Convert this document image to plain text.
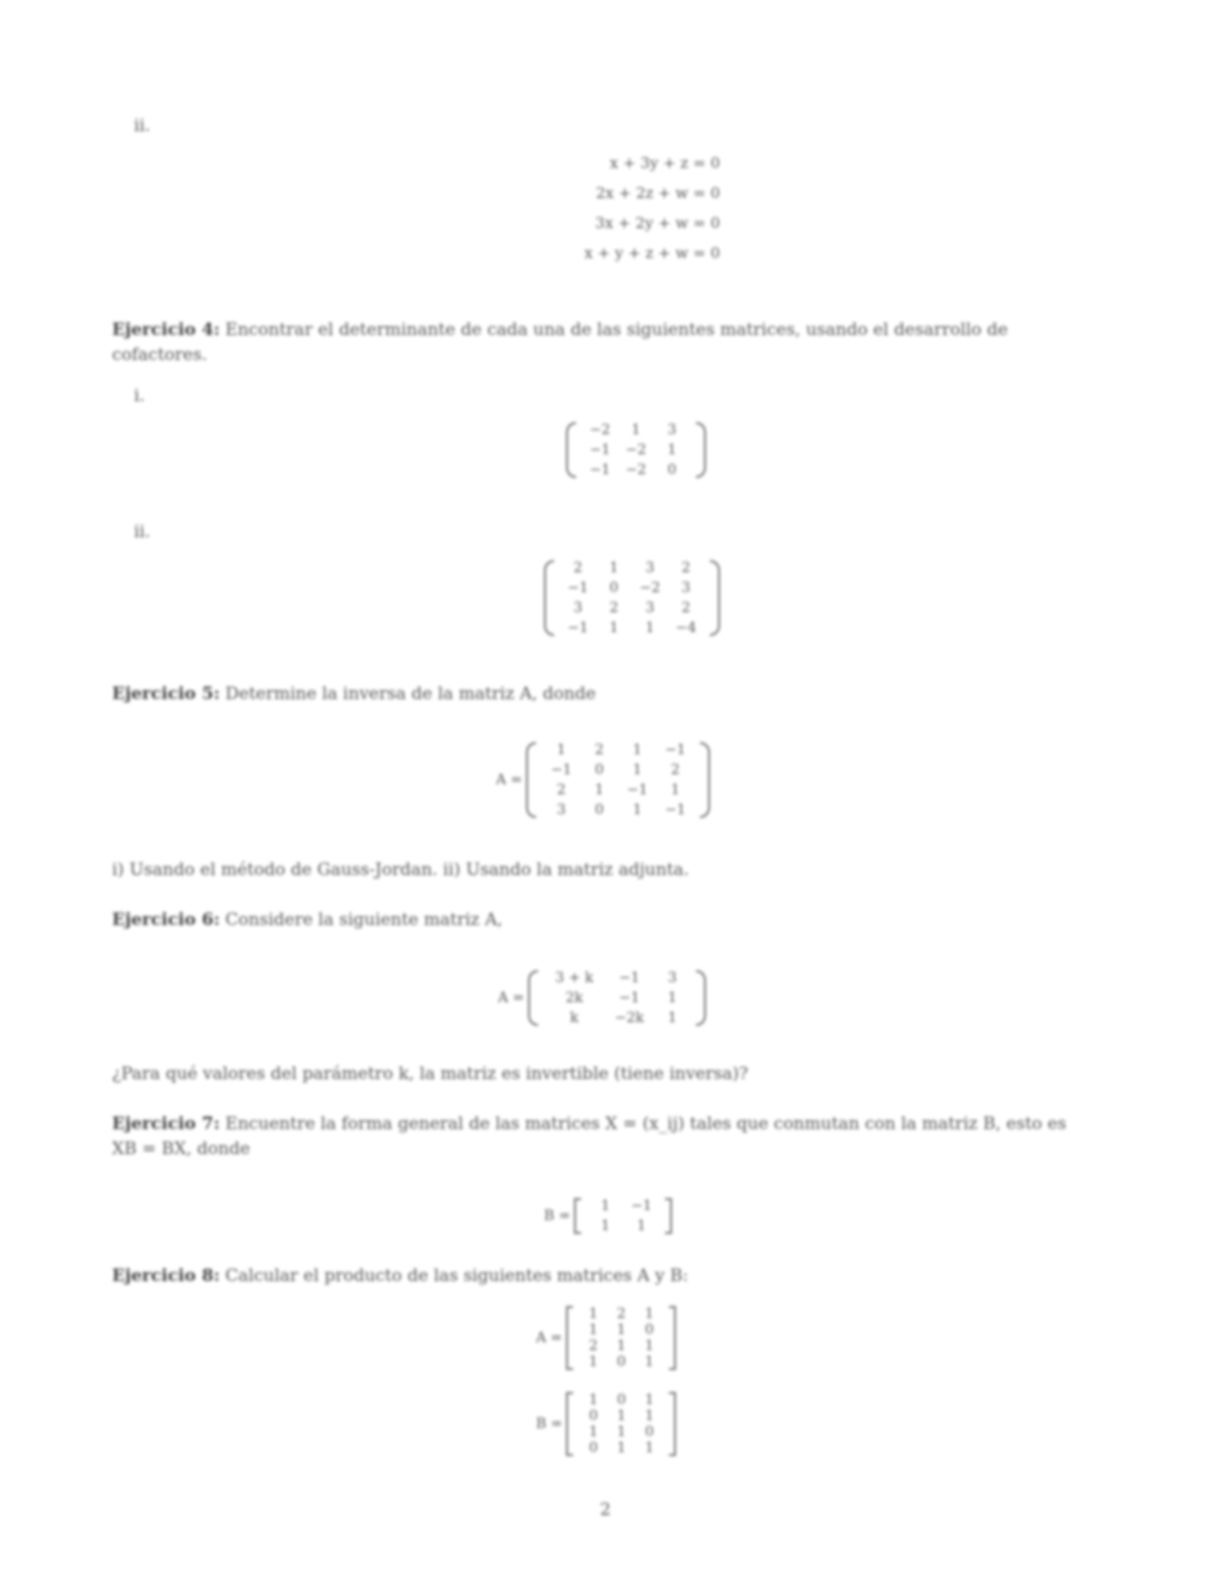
ii.
x + 3y + z = 0
2x + 2z + w = 0
3x + 2y + w = 0
x + y + z + w = 0
Ejercicio 4: Encontrar el determinante de cada una de las siguientes matrices, usando el desarrollo de cofactores.
i.
−2	1	3
−1	−2	1
−1	−2	0
ii.
2	1	3	2
−1	0	−2	3
3	2	3	2
−1	1	1	−4
Ejercicio 5: Determine la inversa de la matriz A, donde
A =
1	2	1	−1
−1	0	1	2
2	1	−1	1
3	0	1	−1
i) Usando el método de Gauss-Jordan. ii) Usando la matriz adjunta.
Ejercicio 6: Considere la siguiente matriz A,
A =
3 + k	−1	3
2k	−1	1
k	−2k	1
¿Para qué valores del parámetro k, la matriz es invertible (tiene inversa)?
Ejercicio 7: Encuentre la forma general de las matrices X = (x_ij) tales que conmutan con la matriz B, esto es XB = BX, donde
B =
1	−1
1	1
Ejercicio 8: Calcular el producto de las siguientes matrices A y B:
A =
1	2	1
1	1	0
2	1	1
1	0	1
B =
1	0	1
0	1	1
1	1	0
0	1	1
2
